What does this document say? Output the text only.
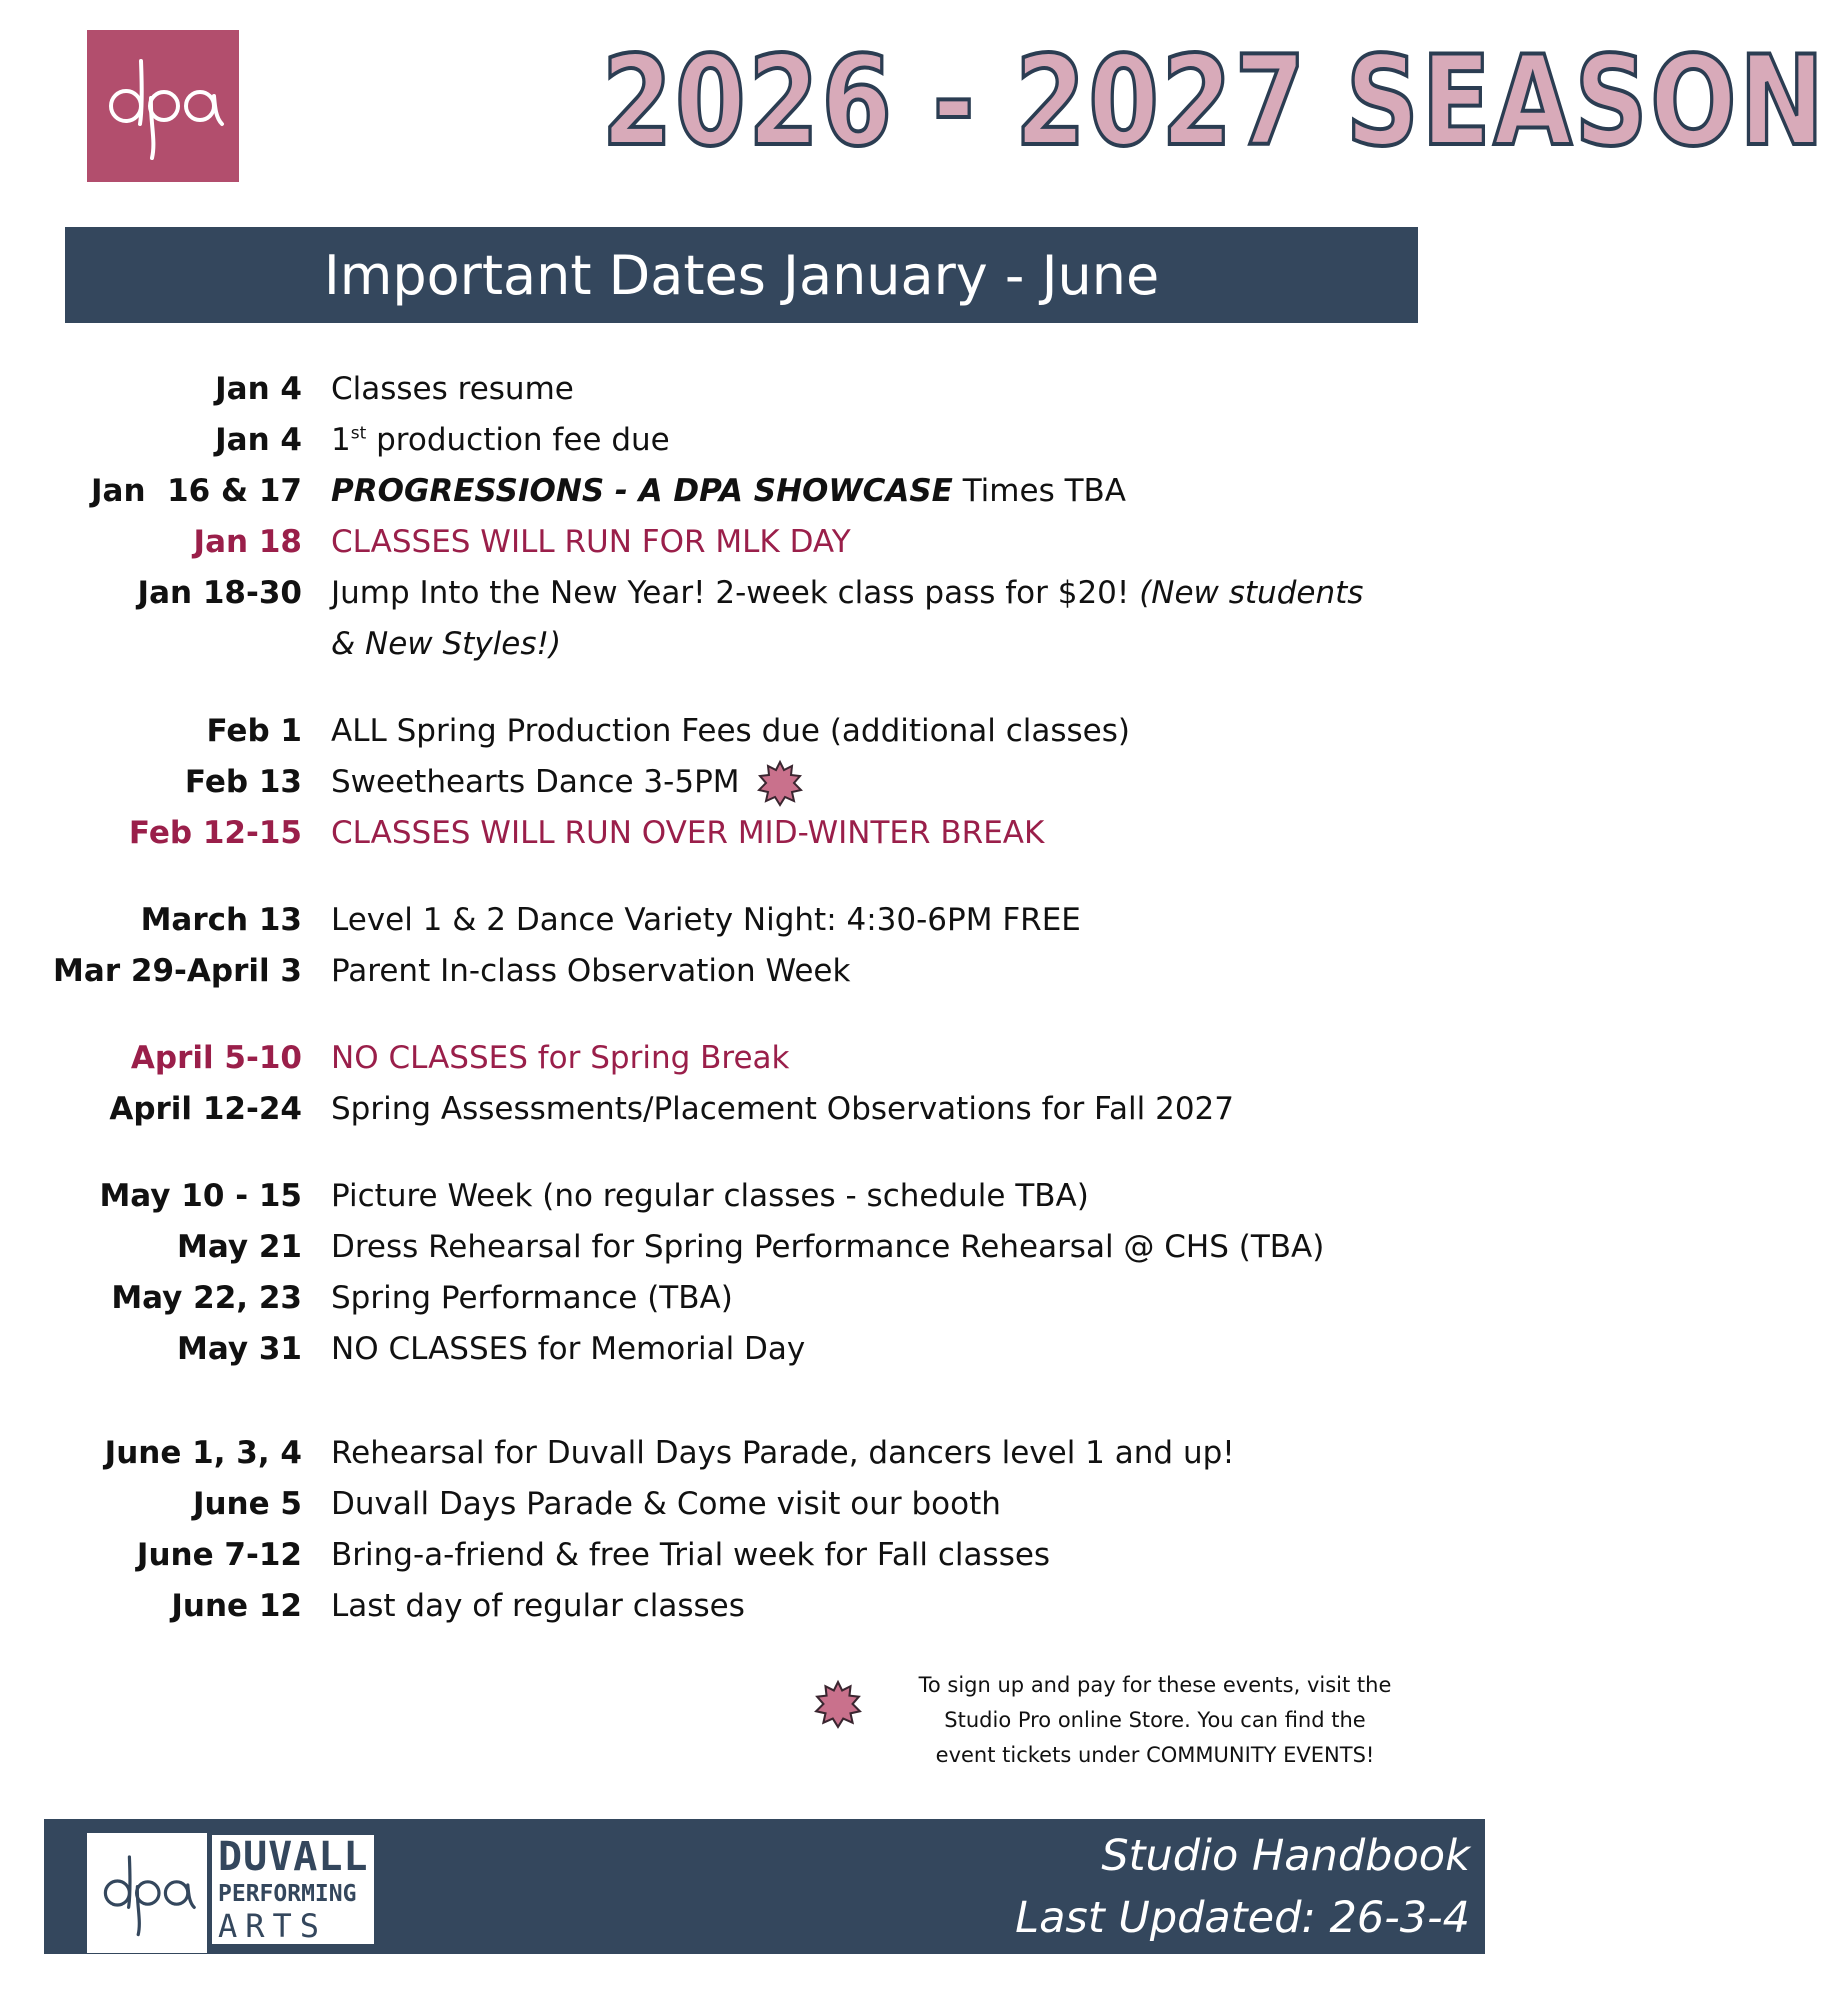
2026 - 2027 SEASON
Important Dates January - June
Jan 4 Classes resume
Jan 4 1st production fee due
Jan  16 & 17 PROGRESSIONS - A DPA SHOWCASE Times TBA
Jan 18 CLASSES WILL RUN FOR MLK DAY
Jan 18-30 Jump Into the New Year! 2-week class pass for $20! (New students
& New Styles!)
Feb 1 ALL Spring Production Fees due (additional classes)
Feb 13 Sweethearts Dance 3-5PM
Feb 12-15 CLASSES WILL RUN OVER MID-WINTER BREAK
March 13 Level 1 & 2 Dance Variety Night: 4:30-6PM FREE
Mar 29-April 3 Parent In-class Observation Week
April 5-10 NO CLASSES for Spring Break
April 12-24 Spring Assessments/Placement Observations for Fall 2027
May 10 - 15 Picture Week (no regular classes - schedule TBA)
May 21 Dress Rehearsal for Spring Performance Rehearsal @ CHS (TBA)
May 22, 23 Spring Performance (TBA)
May 31 NO CLASSES for Memorial Day
June 1, 3, 4 Rehearsal for Duvall Days Parade, dancers level 1 and up!
June 5 Duvall Days Parade & Come visit our booth
June 7-12 Bring-a-friend & free Trial week for Fall classes
June 12 Last day of regular classes
To sign up and pay for these events, visit the
Studio Pro online Store. You can find the
event tickets under COMMUNITY EVENTS!
DUVALL
PERFORMING
ARTS
Studio Handbook
Last Updated: 26-3-4
